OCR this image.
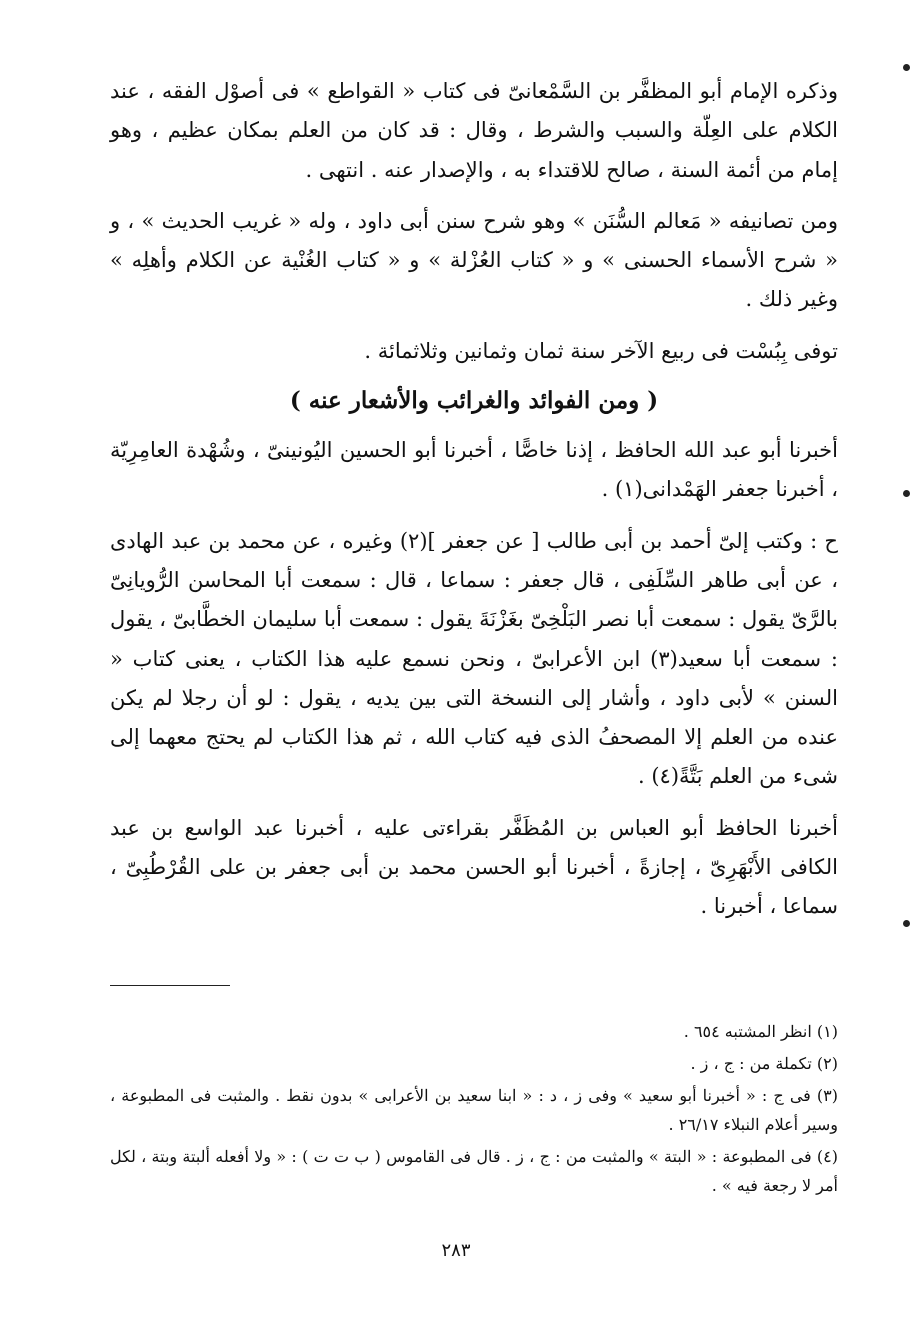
وذكره الإمام أبو المظفَّر بن السَّمْعانىّ فى كتاب « القواطع » فى أصوْل الفقه ، عند الكلام على العِلّة والسبب والشرط ، وقال : قد كان من العلم بمكان عظيم ، وهو إمام من أئمة السنة ، صالح للاقتداء به ، والإصدار عنه . انتهى .

ومن تصانيفه « مَعالم السُّنَن » وهو شرح سنن أبى داود ، وله « غريب الحديث » ، و « شرح الأسماء الحسنى » و « كتاب العُزْلة » و « كتاب الغُنْية عن الكلام وأهلِه » وغير ذلك .

توفى بِبُسْت فى ربيع الآخر سنة ثمان وثمانين وثلاثمائة .

( ومن الفوائد والغرائب والأشعار عنه )

أخبرنا أبو عبد الله الحافظ ، إذنا خاصًّا ، أخبرنا أبو الحسين اليُونينىّ ، وشُهْدة العامِرِيّة ، أخبرنا جعفر الهَمْدانى(١) .

ح : وكتب إلىّ أحمد بن أبى طالب [ عن جعفر ](٢) وغيره ، عن محمد بن عبد الهادى ، عن أبى طاهر السِّلَفِى ، قال جعفر : سماعا ، قال : سمعت أبا المحاسن الرُّويانِىّ بالرَّىّ يقول : سمعت أبا نصر البَلْخِىّ بغَزْنَةَ يقول : سمعت أبا سليمان الخطَّابىّ ، يقول : سمعت أبا سعيد(٣) ابن الأعرابىّ ، ونحن نسمع عليه هذا الكتاب ، يعنى كتاب « السنن » لأبى داود ، وأشار إلى النسخة التى بين يديه ، يقول : لو أن رجلا لم يكن عنده من العلم إلا المصحفُ الذى فيه كتاب الله ، ثم هذا الكتاب لم يحتج معهما إلى شىء من العلم بَتَّةً(٤) .

أخبرنا الحافظ أبو العباس بن المُظَفَّر بقراءتى عليه ، أخبرنا عبد الواسع بن عبد الكافى الأَبْهَرِىّ ، إجازةً ، أخبرنا أبو الحسن محمد بن أبى جعفر بن على القُرْطُبِىّ ، سماعا ، أخبرنا .

(١) انظر المشتبه ٦٥٤ .

(٢) تكملة من : ج ، ز .

(٣) فى ج : « أخبرنا أبو سعيد » وفى ز ، د : « ابنا سعيد بن الأعرابى » بدون نقط . والمثبت فى المطبوعة ، وسير أعلام النبلاء ٢٦/١٧ .

(٤) فى المطبوعة : « البتة » والمثبت من : ج ، ز . قال فى القاموس ( ب ت ت ) : « ولا أفعله ألبتة وبتة ، لكل أمر لا رجعة فيه » .

٢٨٣
